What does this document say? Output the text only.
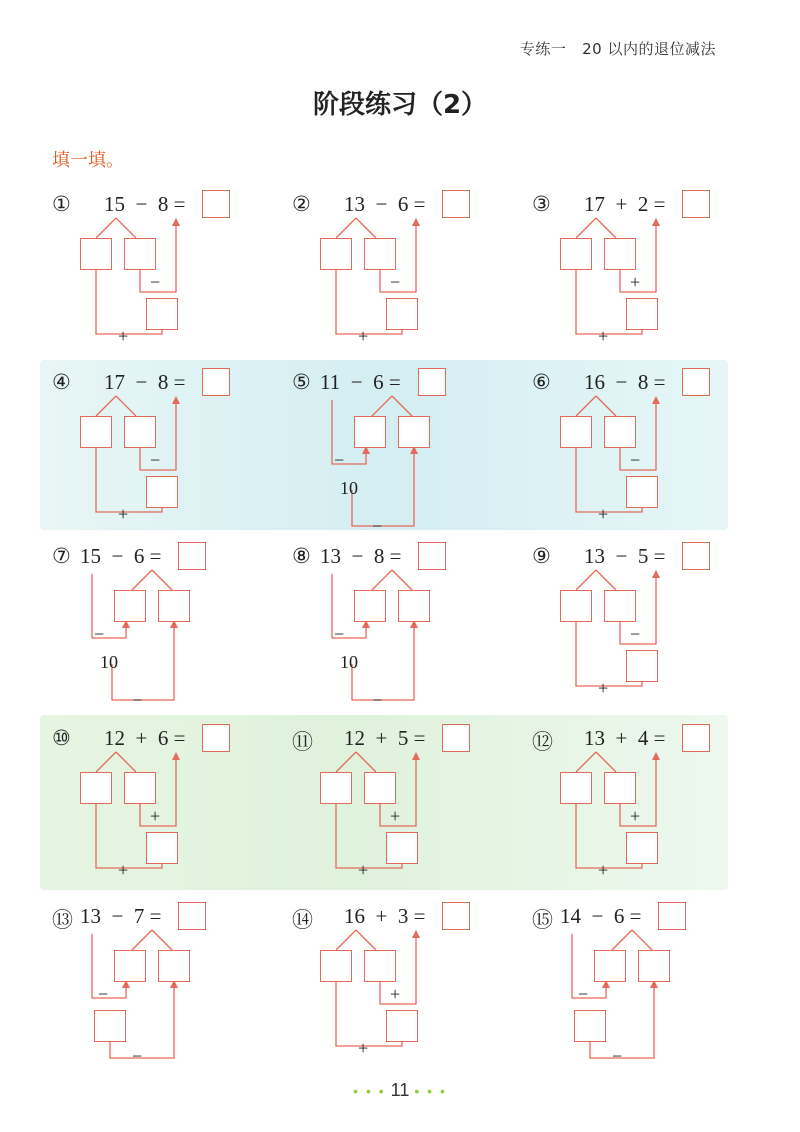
专练一   20 以内的退位减法
阶段练习（2）
填一填。
① 15  −  8 =
−
+
② 13  −  6 =
−
+
③ 17  +  2 =
+
+
④ 17  −  8 =
−
+
⑤ 11  −  6 =
−
10
−
⑥ 16  −  8 =
−
+
⑦ 15  −  6 =
−
10
−
⑧ 13  −  8 =
−
10
−
⑨ 13  −  5 =
−
+
⑩ 12  +  6 =
+
+
⑪ 12  +  5 =
+
+
⑫ 13  +  4 =
+
+
⑬ 13  −  7 =
−
−
⑭ 16  +  3 =
+
+
⑮ 14  −  6 =
−
−
• • • 11 • • •
